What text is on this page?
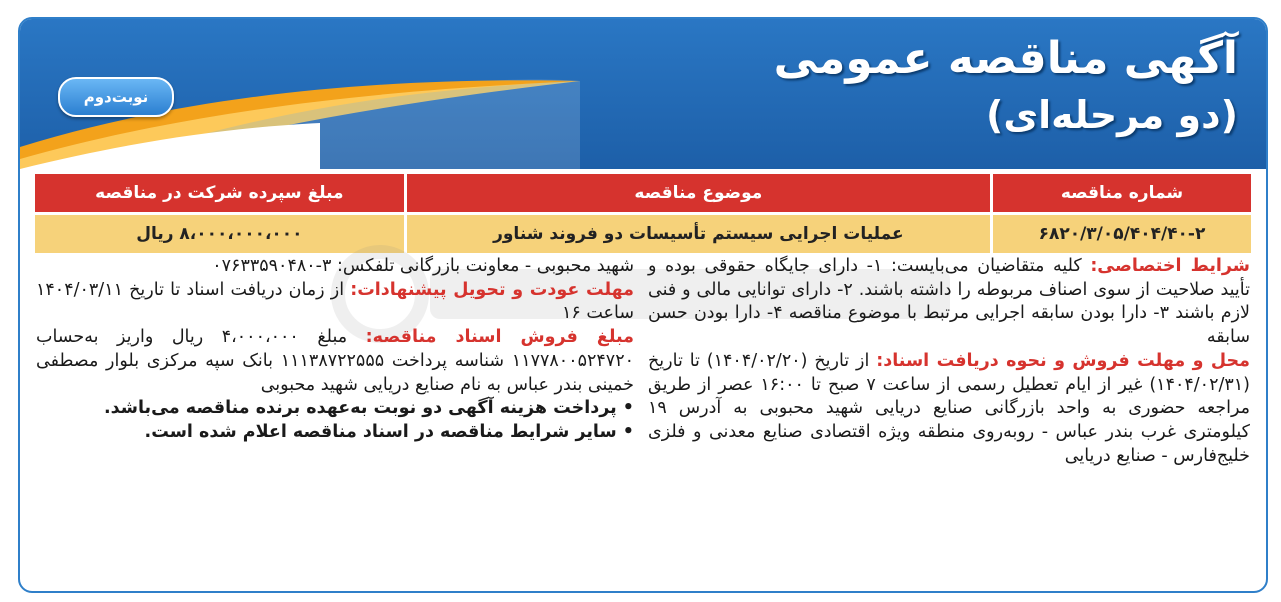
نوبت‌دوم
آگهی مناقصه عمومی
(دو مرحله‌ای)
شماره مناقصه	موضوع مناقصه	مبلغ سپرده شرکت در مناقصه
۶۸۲۰/۳/۰۵/۴۰۴/۴۰-۲	عملیات اجرایی سیستم تأسیسات دو فروند شناور	۸،۰۰۰،۰۰۰،۰۰۰ ریال

شرایط اختصاصی: کلیه متقاضیان می‌بایست: ۱- دارای جایگاه حقوقی بوده و تأیید صلاحیت از سوی اصناف مربوطه را داشته باشند. ۲- دارای توانایی مالی و فنی لازم باشند ۳- دارا بودن سابقه اجرایی مرتبط با موضوع مناقصه ۴- دارا بودن حسن سابقه

محل و مهلت فروش و نحوه دریافت اسناد: از تاریخ (۱۴۰۴/۰۲/۲۰) تا تاریخ (۱۴۰۴/۰۲/۳۱) غیر از ایام تعطیل رسمی از ساعت ۷ صبح تا ۱۶:۰۰ عصر از طریق مراجعه حضوری به واحد بازرگانی صنایع دریایی شهید محبوبی به آدرس ۱۹ کیلومتری غرب بندر عباس - روبه‌روی منطقه ویژه اقتصادی صنایع معدنی و فلزی خلیج‌فارس - صنایع دریایی

شهید محبوبی - معاونت بازرگانی تلفکس: ۳-۰۷۶۳۳۵۹۰۴۸۰

مهلت عودت و تحویل پیشنهادات: از زمان دریافت اسناد تا تاریخ ۱۴۰۴/۰۳/۱۱ ساعت ۱۶

مبلغ فروش اسناد مناقصه: مبلغ ۴،۰۰۰،۰۰۰ ریال واریز به‌حساب ۱۱۷۷۸۰۰۵۲۴۷۲۰ شناسه پرداخت ۱۱۱۳۸۷۲۲۵۵۵ بانک سپه مرکزی بلوار مصطفی خمینی بندر عباس به نام صنایع دریایی شهید محبوبی

• پرداخت هزینه آگهی دو نوبت به‌عهده برنده مناقصه می‌باشد.

• سایر شرایط مناقصه در اسناد مناقصه اعلام شده است.
